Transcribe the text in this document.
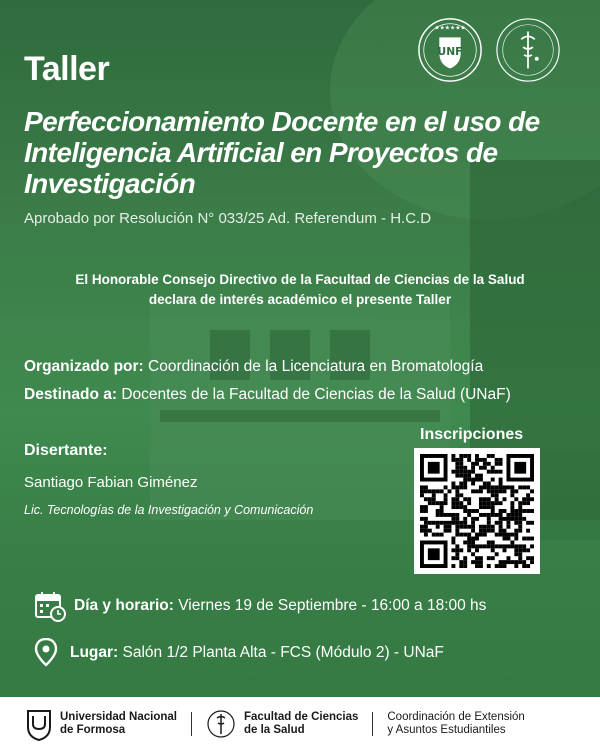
★★★★★★
UNF
Taller
Perfeccionamiento Docente en el uso de Inteligencia Artificial en Proyectos de Investigación
Aprobado por Resolución N° 033/25 Ad. Referendum - H.C.D
El Honorable Consejo Directivo de la Facultad de Ciencias de la Salud declara de interés académico el presente Taller
Organizado por: Coordinación de la Licenciatura en Bromatología
Destinado a: Docentes de la Facultad de Ciencias de la Salud (UNaF)
Disertante:
Santiago Fabian Giménez
Lic. Tecnologías de la Investigación y Comunicación
Inscripciones
Día y horario: Viernes 19 de Septiembre - 16:00 a 18:00 hs
Lugar: Salón 1/2 Planta Alta - FCS (Módulo 2) - UNaF
Universidad Nacional
de Formosa
Facultad de Ciencias
de la Salud
Coordinación de Extensión
y Asuntos Estudiantiles
